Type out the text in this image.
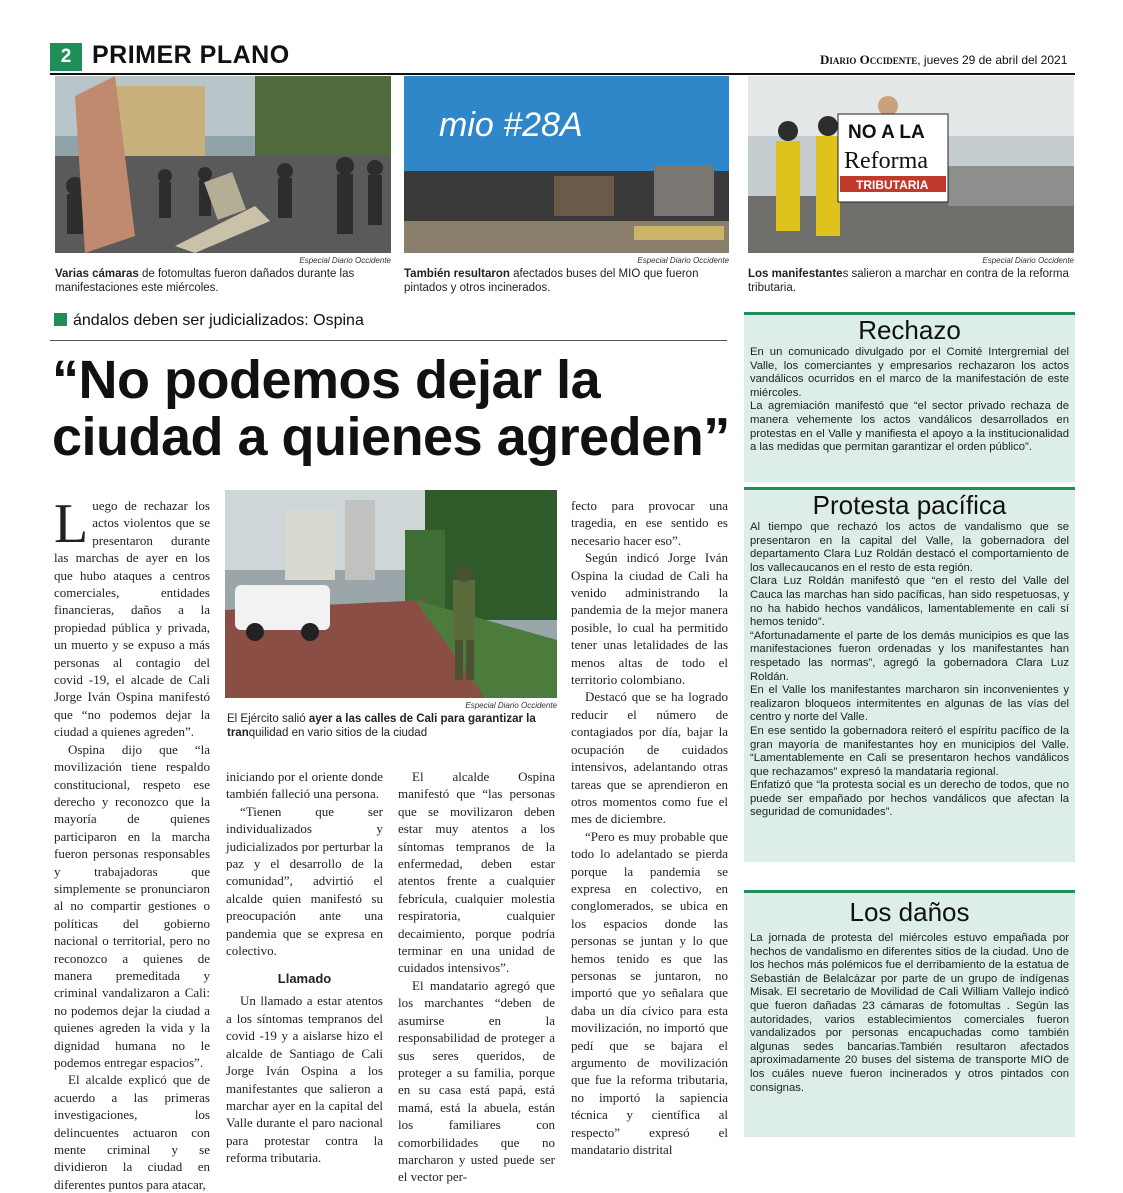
2 PRIMER PLANO	Diario Occidente, jueves 29 de abril del 2021
Especial Diario Occidente
Varias cámaras de fotomultas fueron dañados durante las manifestaciones este miércoles.
mio #28A
Especial Diario Occidente
También resultaron afectados buses del MIO que fueron pintados y otros incinerados.
NO A LA
Reforma
TRIBUTARIA
Especial Diario Occidente
Los manifestantes salieron a marchar en contra de la reforma tributaria.
ándalos deben ser judicializados: Ospina
“No podemos dejar la ciudad a quienes agreden”
Especial Diario Occidente
El Ejército salió ayer a las calles de Cali para garantizar la tranquilidad en vario sitios de la ciudad

Luego de rechazar los actos violentos que se presentaron durante las marchas de ayer en los que hubo ataques a centros comerciales, entidades financieras, daños a la propiedad pública y privada, un muerto y se expuso a más personas al contagio del covid -19, el alcade de Cali Jorge Iván Ospina manifestó que “no podemos dejar la ciudad a quienes agreden”.

Ospina dijo que “la movilización tiene respaldo constitucional, respeto ese derecho y reconozco que la mayoría de quienes participaron en la marcha fueron personas responsables y trabajadoras que simplemente se pronunciaron al no compartir gestiones o políticas del gobierno nacional o territorial, pero no reconozco a quienes de manera premeditada y criminal vandalizaron a Cali: no podemos dejar la ciudad a quienes agreden la vida y la dignidad humana no le podemos entregar espacios”.

El alcalde explicó que de acuerdo a las primeras investigaciones, los delincuentes actuaron con mente criminal y se dividieron la ciudad en diferentes puntos para atacar,

iniciando por el oriente donde también falleció una persona.

“Tienen que ser individualizados y judicializados por perturbar la paz y el desarrollo de la comunidad”, advirtió el alcalde quien manifestó su preocupación ante una pandemia que se expresa en colectivo.

Llamado

Un llamado a estar atentos a los síntomas tempranos del covid -19 y a aislarse hizo el alcalde de Santiago de Cali Jorge Iván Ospina a los manifestantes que salieron a marchar ayer en la capital del Valle durante el paro nacional para protestar contra la reforma tributaria.

El alcalde Ospina manifestó que “las personas que se movilizaron deben estar muy atentos a los síntomas tempranos de la enfermedad, deben estar atentos frente a cualquier febrícula, cualquier molestia respiratoria, cualquier decaimiento, porque podría terminar en una unidad de cuidados intensivos”.

El mandatario agregó que los marchantes “deben de asumirse en la responsabilidad de proteger a sus seres queridos, de proteger a su familia, porque en su casa está papá, está mamá, está la abuela, están los familiares con comorbilidades que no marcharon y usted puede ser el vector per-

fecto para provocar una tragedia, en ese sentido es necesario hacer eso”.

Según indicó Jorge Iván Ospina la ciudad de Cali ha venido administrando la pandemia de la mejor manera posible, lo cual ha permitido tener unas letalidades de las menos altas de todo el territorio colombiano.

Destacó que se ha logrado reducir el número de contagiados por día, bajar la ocupación de cuidados intensivos, adelantando otras tareas que se aprendieron en otros momentos como fue el mes de diciembre.

“Pero es muy probable que todo lo adelantado se pierda porque la pandemia se expresa en colectivo, en conglomerados, se ubica en los espacios donde las personas se juntan y lo que hemos tenido es que las personas se juntaron, no importó que yo señalara que daba un día cívico para esta movilización, no importó que pedí que se bajara el argumento de movilización que fue la reforma tributaria, no importó la sapiencia técnica y científica al respecto” expresó el mandatario distrital

Rechazo

En un comunicado divulgado por el Comité Intergremial del Valle, los comerciantes y empresarios rechazaron los actos vandálicos ocurridos en el marco de la manifestación de este miércoles.

La agremiación manifestó que “el sector privado rechaza de manera vehemente los actos vandálicos desarrollados en protestas en el Valle y manifiesta el apoyo a la institucionalidad a las medidas que permitan garantizar el orden público”.

Protesta pacífica

Al tiempo que rechazó los actos de vandalismo que se presentaron en la capital del Valle, la gobernadora del departamento Clara Luz Roldán destacó el comportamiento de los vallecaucanos en el resto de esta región.

Clara Luz Roldán manifestó que “en el resto del Valle del Cauca las marchas han sido pacíficas, han sido respetuosas, y no ha habido hechos vandálicos, lamentablemente en cali sí hemos tenido”.

“Afortunadamente el parte de los demás municipios es que las manifestaciones fueron ordenadas y los manifestantes han respetado las normas”, agregó la gobernadora Clara Luz Roldán.

En el Valle los manifestantes marcharon sin inconvenientes y realizaron bloqueos intermitentes en algunas de las vías del centro y norte del Valle.

En ese sentido la gobernadora reiteró el espíritu pacífico de la gran mayoría de manifestantes hoy en municipios del Valle. “Lamentablemente en Cali se presentaron hechos vandálicos que rechazamos” expresó la mandataria regional.

Enfatizó que “la protesta social es un derecho de todos, que no puede ser empañado por hechos vandálicos que afectan la seguridad de comunidades”.

Los daños

La jornada de protesta del miércoles estuvo empañada por hechos de vandalismo en diferentes sitios de la ciudad. Uno de los hechos más polémicos fue el derribamiento de la estatua de Sebastián de Belalcázar por parte de un grupo de indígenas Misak. El secretario de Movilidad de Cali William Vallejo indicó que fueron dañadas 23 cámaras de fotomultas . Según las autoridades, varios establecimientos comerciales fueron vandalizados por personas encapuchadas como también algunas sedes bancarias.También resultaron afectados aproximadamente 20 buses del sistema de transporte MIO de los cuáles nueve fueron incinerados y otros pintados con consignas.
